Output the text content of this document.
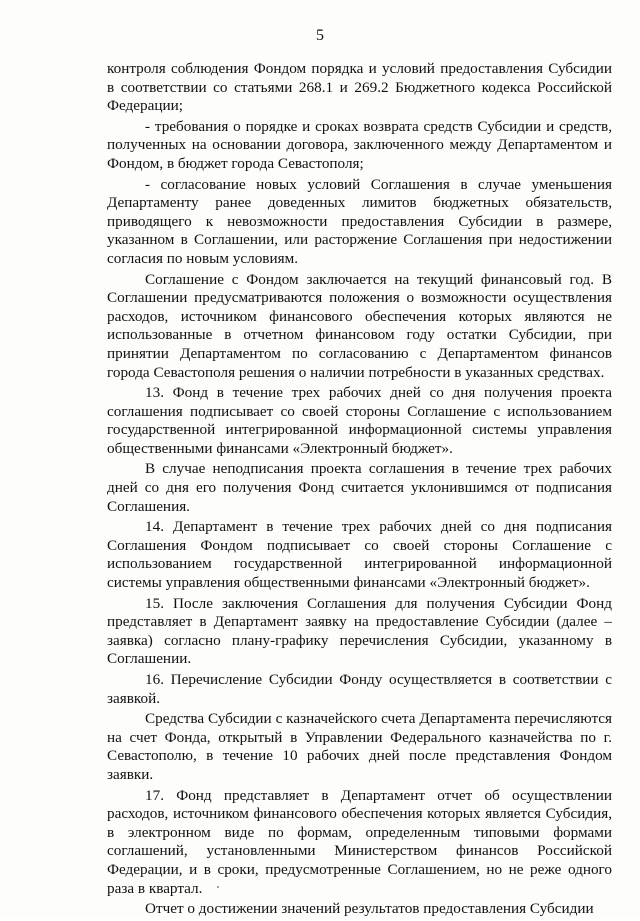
5

контроля соблюдения Фондом порядка и условий предоставления Субсидии в соответствии со статьями 268.1 и 269.2 Бюджетного кодекса Российской Федерации;

- требования о порядке и сроках возврата средств Субсидии и средств, полученных на основании договора, заключенного между Департаментом и Фондом, в бюджет города Севастополя;

- согласование новых условий Соглашения в случае уменьшения Департаменту ранее доведенных лимитов бюджетных обязательств, приводящего к невозможности предоставления Субсидии в размере, указанном в Соглашении, или расторжение Соглашения при недостижении согласия по новым условиям.

Соглашение с Фондом заключается на текущий финансовый год. В Соглашении предусматриваются положения о возможности осуществления расходов, источником финансового обеспечения которых являются не использованные в отчетном финансовом году остатки Субсидии, при принятии Департаментом по согласованию с Департаментом финансов города Севастополя решения о наличии потребности в указанных средствах.

13. Фонд в течение трех рабочих дней со дня получения проекта соглашения подписывает со своей стороны Соглашение с использованием государственной интегрированной информационной системы управления общественными финансами «Электронный бюджет».

В случае неподписания проекта соглашения в течение трех рабочих дней со дня его получения Фонд считается уклонившимся от подписания Соглашения.

14. Департамент в течение трех рабочих дней со дня подписания Соглашения Фондом подписывает со своей стороны Соглашение с использованием государственной интегрированной информационной системы управления общественными финансами «Электронный бюджет».

15. После заключения Соглашения для получения Субсидии Фонд представляет в Департамент заявку на предоставление Субсидии (далее – заявка) согласно плану-графику перечисления Субсидии, указанному в Соглашении.

16. Перечисление Субсидии Фонду осуществляется в соответствии с заявкой.

Средства Субсидии с казначейского счета Департамента перечисляются на счет Фонда, открытый в Управлении Федерального казначейства по г. Севастополю, в течение 10 рабочих дней после представления Фондом заявки.

17. Фонд представляет в Департамент отчет об осуществлении расходов, источником финансового обеспечения которых является Субсидия, в электронном виде по формам, определенным типовыми формами соглашений, установленными Министерством финансов Российской Федерации, и в сроки, предусмотренные Соглашением, но не реже одного раза в квартал.

Отчет о достижении значений результатов предоставления Субсидии
